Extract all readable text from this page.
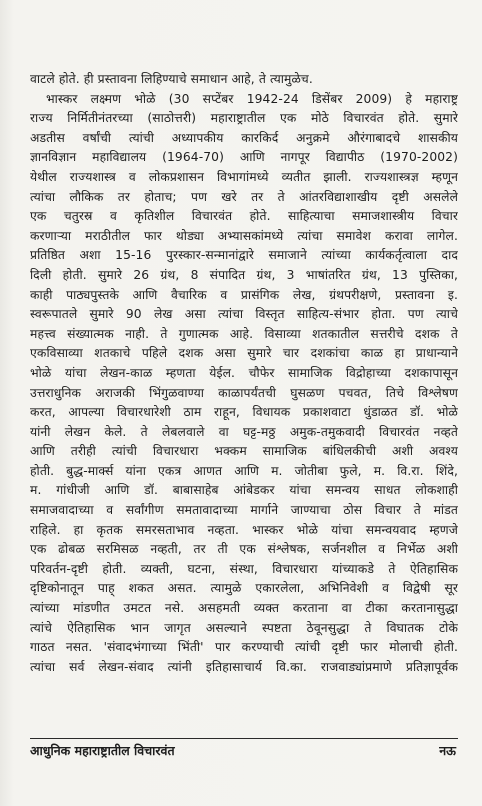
वाटले होते. ही प्रस्तावना लिहिण्याचे समाधान आहे, ते त्यामुळेच.
भास्कर लक्ष्मण भोळे (30 सप्टेंबर 1942-24 डिसेंबर 2009) हे महाराष्ट्र
राज्य निर्मितीनंतरच्या (साठोत्तरी) महाराष्ट्रातील एक मोठे विचारवंत होते. सुमारे
अडतीस वर्षांची त्यांची अध्यापकीय कारकिर्द अनुक्रमे औरंगाबादचे शासकीय
ज्ञानविज्ञान महाविद्यालय (1964-70) आणि नागपूर विद्यापीठ (1970-2002)
येथील राज्यशास्त्र व लोकप्रशासन विभागांमध्ये व्यतीत झाली. राज्यशास्त्रज्ञ म्हणून
त्यांचा लौकिक तर होताच; पण खरे तर ते आंतरविद्याशाखीय दृष्टी असलेले
एक चतुरस्र व कृतिशील विचारवंत होते. साहित्याचा समाजशास्त्रीय विचार
करणाऱ्या मराठीतील फार थोड्या अभ्यासकांमध्ये त्यांचा समावेश करावा लागेल.
प्रतिष्ठित अशा 15-16 पुरस्कार-सन्मानांद्वारे समाजाने त्यांच्या कार्यकर्तृत्वाला दाद
दिली होती. सुमारे 26 ग्रंथ, 8 संपादित ग्रंथ, 3 भाषांतरित ग्रंथ, 13 पुस्तिका,
काही पाठ्यपुस्तके आणि वैचारिक व प्रासंगिक लेख, ग्रंथपरीक्षणे, प्रस्तावना इ.
स्वरूपातले सुमारे 90 लेख असा त्यांचा विस्तृत साहित्य-संभार होता. पण त्याचे
महत्त्व संख्यात्मक नाही. ते गुणात्मक आहे. विसाव्या शतकातील सत्तरीचे दशक ते
एकविसाव्या शतकाचे पहिले दशक असा सुमारे चार दशकांचा काळ हा प्राधान्याने
भोळे यांचा लेखन-काळ म्हणता येईल. चौफेर सामाजिक विद्रोहाच्या दशकापासून
उत्तराधुनिक अराजकी भिंगुळवाण्या काळापर्यंतची घुसळण पचवत, तिचे विश्लेषण
करत, आपल्या विचारधारेशी ठाम राहून, विधायक प्रकाशवाटा धुंडाळत डॉ. भोळे
यांनी लेखन केले. ते लेबलवाले वा घट्ट-मठ्ठ अमुक-तमुकवादी विचारवंत नव्हते
आणि तरीही त्यांची विचारधारा भक्कम सामाजिक बांधिलकीची अशी अवश्य
होती. बुद्ध-मार्क्स यांना एकत्र आणत आणि म. जोतीबा फुले, म. वि.रा. शिंदे,
म. गांधीजी आणि डॉ. बाबासाहेब आंबेडकर यांचा समन्वय साधत लोकशाही
समाजवादाच्या व सर्वांगीण समतावादाच्या मार्गाने जाण्याचा ठोस विचार ते मांडत
राहिले. हा कृतक समरसताभाव नव्हता. भास्कर भोळे यांचा समन्वयवाद म्हणजे
एक ढोबळ सरमिसळ नव्हती, तर ती एक संश्लेषक, सर्जनशील व निर्भेळ अशी
परिवर्तन-दृष्टी होती. व्यक्ती, घटना, संस्था, विचारधारा यांच्याकडे ते ऐतिहासिक
दृष्टिकोनातून पाह् शकत असत. त्यामुळे एकारलेला, अभिनिवेशी व विद्वेषी सूर
त्यांच्या मांडणीत उमटत नसे. असहमती व्यक्त करताना वा टीका करतानासुद्धा
त्यांचे ऐतिहासिक भान जागृत असल्याने स्पष्टता ठेवूनसुद्धा ते विघातक टोके
गाठत नसत. 'संवादभंगाच्या भिंती' पार करण्याची त्यांची दृष्टी फार मोलाची होती.
त्यांचा सर्व लेखन-संवाद त्यांनी इतिहासाचार्य वि.का. राजवाड्यांप्रमाणे प्रतिज्ञापूर्वक
आधुनिक महाराष्ट्रातील विचारवंत	नऊ
